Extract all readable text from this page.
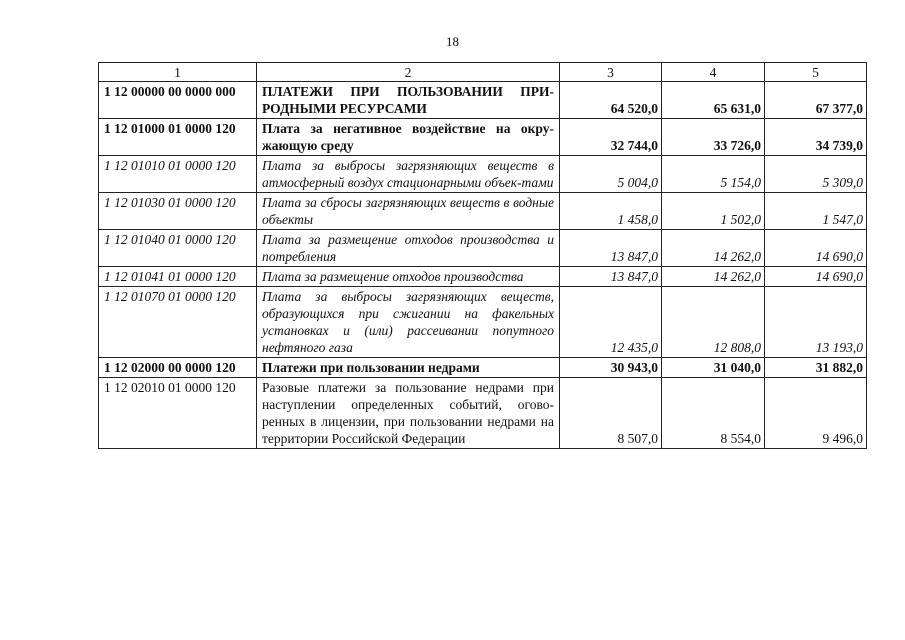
18
1	2	3	4	5
1 12 00000 00 0000 000	ПЛАТЕЖИ ПРИ ПОЛЬЗОВАНИИ ПРИ-РОДНЫМИ РЕСУРСАМИ	64 520,0	65 631,0	67 377,0
1 12 01000 01 0000 120	Плата за негативное воздействие на окру-жающую среду	32 744,0	33 726,0	34 739,0
1 12 01010 01 0000 120	Плата за выбросы загрязняющих веществ в атмосферный воздух стационарными объек-тами	5 004,0	5 154,0	5 309,0
1 12 01030 01 0000 120	Плата за сбросы загрязняющих веществ в водные объекты	1 458,0	1 502,0	1 547,0
1 12 01040 01 0000 120	Плата за размещение отходов производства и потребления	13 847,0	14 262,0	14 690,0
1 12 01041 01 0000 120	Плата за размещение отходов производства	13 847,0	14 262,0	14 690,0
1 12 01070 01 0000 120	Плата за выбросы загрязняющих веществ, образующихся при сжигании на факельных установках и (или) рассеивании попутного нефтяного газа	12 435,0	12 808,0	13 193,0
1 12 02000 00 0000 120	Платежи при пользовании недрами	30 943,0	31 040,0	31 882,0
1 12 02010 01 0000 120	Разовые платежи за пользование недрами при наступлении определенных событий, огово-ренных в лицензии, при пользовании недрами на территории Российской Федерации	8 507,0	8 554,0	9 496,0
